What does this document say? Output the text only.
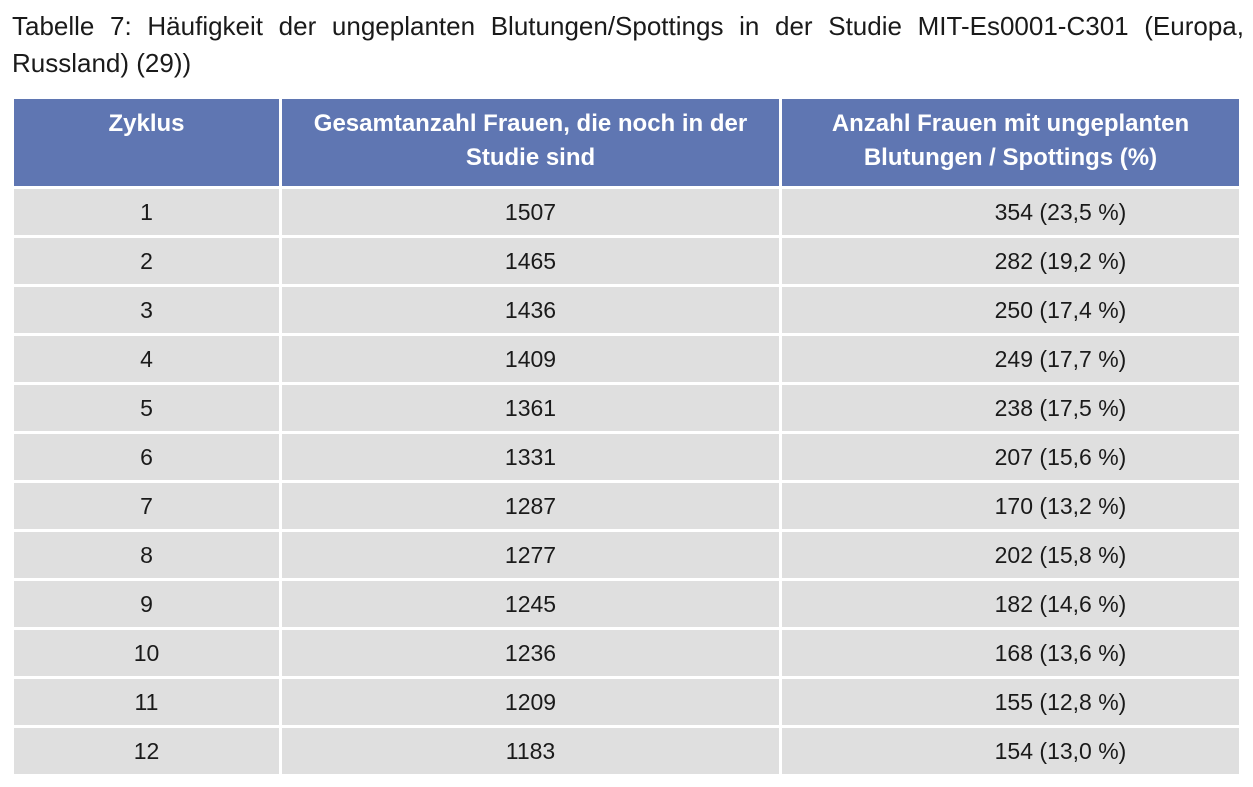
Tabelle 7: Häufigkeit der ungeplanten Blutungen/Spottings in der Studie MIT-Es0001-C301 (Europa, Russland) (29))
Zyklus	Gesamtanzahl Frauen, die noch in der Studie sind	Anzahl Frauen mit ungeplanten Blutungen / Spottings (%)
1	1507	354 (23,5 %)
2	1465	282 (19,2 %)
3	1436	250 (17,4 %)
4	1409	249 (17,7 %)
5	1361	238 (17,5 %)
6	1331	207 (15,6 %)
7	1287	170 (13,2 %)
8	1277	202 (15,8 %)
9	1245	182 (14,6 %)
10	1236	168 (13,6 %)
11	1209	155 (12,8 %)
12	1183	154 (13,0 %)
